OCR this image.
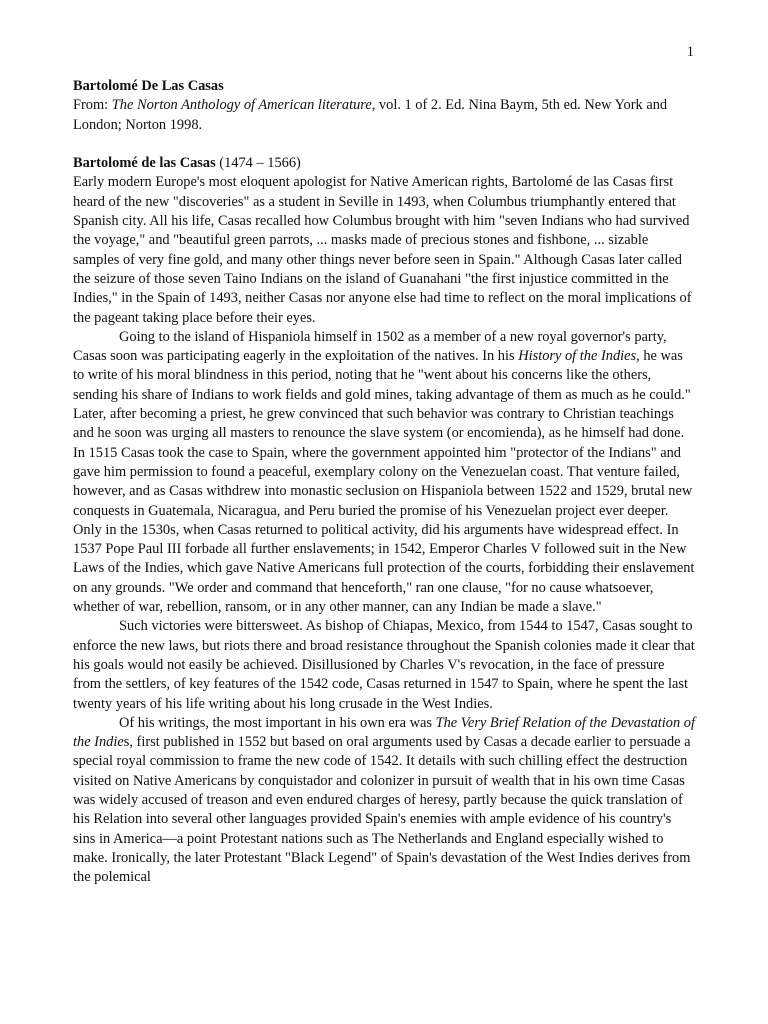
1

Bartolomé De Las Casas

From: The Norton Anthology of American literature, vol. 1 of 2. Ed. Nina Baym, 5th ed. New York and London; Norton 1998.

Bartolomé de las Casas (1474 – 1566)

Early modern Europe's most eloquent apologist for Native American rights, Bartolomé de las Casas first heard of the new "discoveries" as a student in Seville in 1493, when Columbus triumphantly entered that Spanish city. All his life, Casas recalled how Columbus brought with him "seven Indians who had survived the voyage," and "beautiful green parrots, ... masks made of precious stones and fishbone, ... sizable samples of very fine gold, and many other things never before seen in Spain." Although Casas later called the seizure of those seven Taino Indians on the island of Guanahani "the first injustice committed in the Indies," in the Spain of 1493, neither Casas nor anyone else had time to reflect on the moral implications of the pageant taking place before their eyes.

Going to the island of Hispaniola himself in 1502 as a member of a new royal governor's party, Casas soon was participating eagerly in the exploitation of the natives. In his History of the Indies, he was to write of his moral blindness in this period, noting that he "went about his concerns like the others, sending his share of Indians to work fields and gold mines, taking advantage of them as much as he could." Later, after becoming a priest, he grew convinced that such behavior was contrary to Christian teachings and he soon was urging all masters to renounce the slave system (or encomienda), as he himself had done. In 1515 Casas took the case to Spain, where the government appointed him "protector of the Indians" and gave him permission to found a peaceful, exemplary colony on the Venezuelan coast. That venture failed, however, and as Casas withdrew into monastic seclusion on Hispaniola between 1522 and 1529, brutal new conquests in Guatemala, Nicaragua, and Peru buried the promise of his Venezuelan project ever deeper. Only in the 1530s, when Casas returned to political activity, did his arguments have widespread effect. In 1537 Pope Paul III forbade all further enslavements; in 1542, Emperor Charles V followed suit in the New Laws of the Indies, which gave Native Americans full protection of the courts, forbidding their enslavement on any grounds. "We order and command that henceforth," ran one clause, "for no cause whatsoever, whether of war, rebellion, ransom, or in any other manner, can any Indian be made a slave."

Such victories were bittersweet. As bishop of Chiapas, Mexico, from 1544 to 1547, Casas sought to enforce the new laws, but riots there and broad resistance throughout the Spanish colonies made it clear that his goals would not easily be achieved. Disillusioned by Charles V's revocation, in the face of pressure from the settlers, of key features of the 1542 code, Casas returned in 1547 to Spain, where he spent the last twenty years of his life writing about his long crusade in the West Indies.

Of his writings, the most important in his own era was The Very Brief Relation of the Devastation of the Indies, first published in 1552 but based on oral arguments used by Casas a decade earlier to persuade a special royal commission to frame the new code of 1542. It details with such chilling effect the destruction visited on Native Americans by conquistador and colonizer in pursuit of wealth that in his own time Casas was widely accused of treason and even endured charges of heresy, partly because the quick translation of his Relation into several other languages provided Spain's enemies with ample evidence of his country's sins in America—a point Protestant nations such as The Netherlands and England especially wished to make. Ironically, the later Protestant "Black Legend" of Spain's devastation of the West Indies derives from the polemical
